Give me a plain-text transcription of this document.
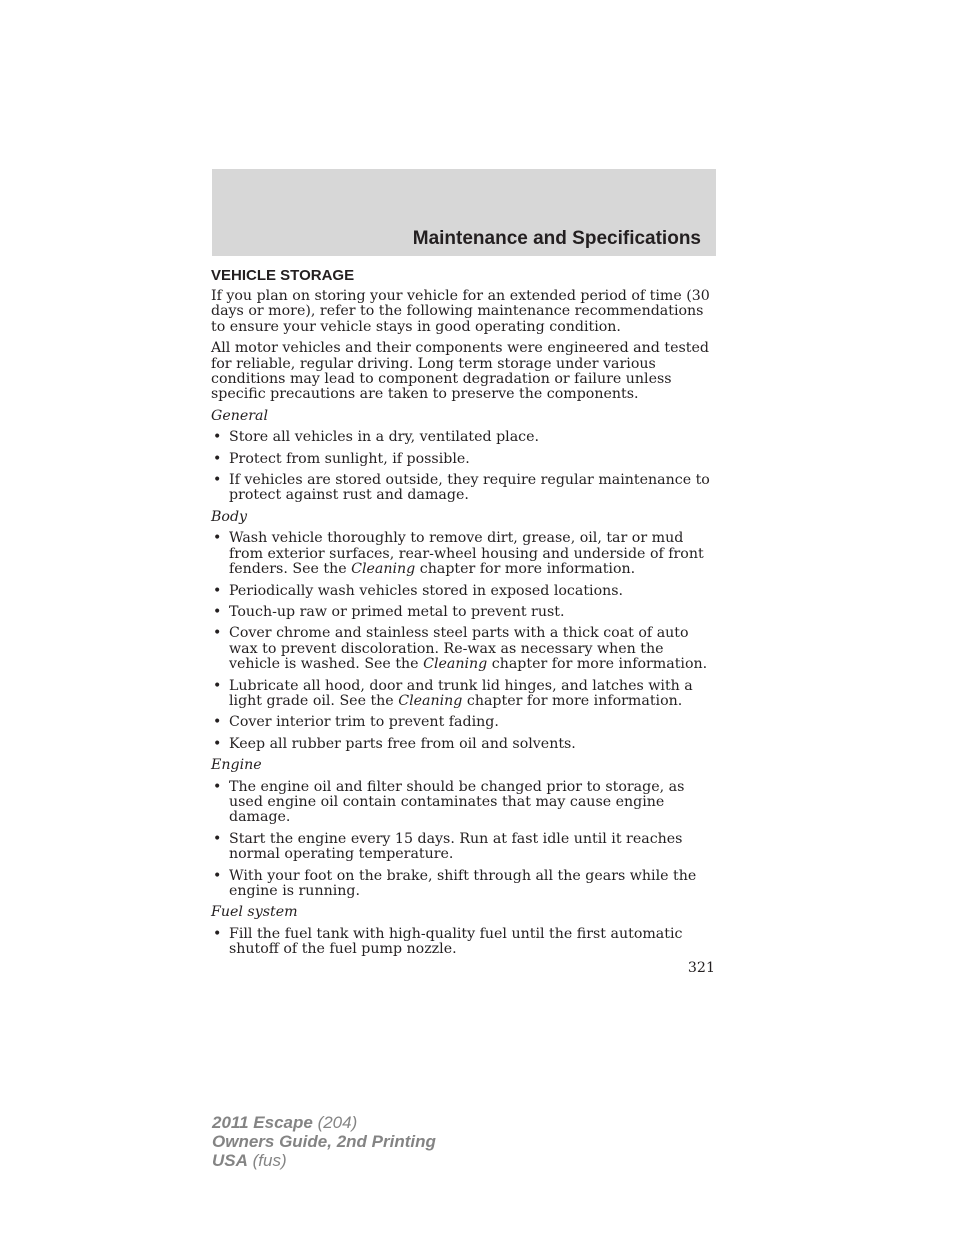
Maintenance and Specifications
VEHICLE STORAGE

If you plan on storing your vehicle for an extended period of time (30 days or more), refer to the following maintenance recommendations to ensure your vehicle stays in good operating condition.

All motor vehicles and their components were engineered and tested for reliable, regular driving. Long term storage under various conditions may lead to component degradation or failure unless specific precautions are taken to preserve the components.

General
• Store all vehicles in a dry, ventilated place.
• Protect from sunlight, if possible.
• If vehicles are stored outside, they require regular maintenance to protect against rust and damage.
Body
• Wash vehicle thoroughly to remove dirt, grease, oil, tar or mud from exterior surfaces, rear-wheel housing and underside of front fenders. See the Cleaning chapter for more information.
• Periodically wash vehicles stored in exposed locations.
• Touch-up raw or primed metal to prevent rust.
• Cover chrome and stainless steel parts with a thick coat of auto wax to prevent discoloration. Re-wax as necessary when the vehicle is washed. See the Cleaning chapter for more information.
• Lubricate all hood, door and trunk lid hinges, and latches with a light grade oil. See the Cleaning chapter for more information.
• Cover interior trim to prevent fading.
• Keep all rubber parts free from oil and solvents.
Engine
• The engine oil and filter should be changed prior to storage, as used engine oil contain contaminates that may cause engine damage.
• Start the engine every 15 days. Run at fast idle until it reaches normal operating temperature.
• With your foot on the brake, shift through all the gears while the engine is running.
Fuel system
• Fill the fuel tank with high-quality fuel until the first automatic shutoff of the fuel pump nozzle.
321
2011 Escape (204)
Owners Guide, 2nd Printing
USA (fus)
